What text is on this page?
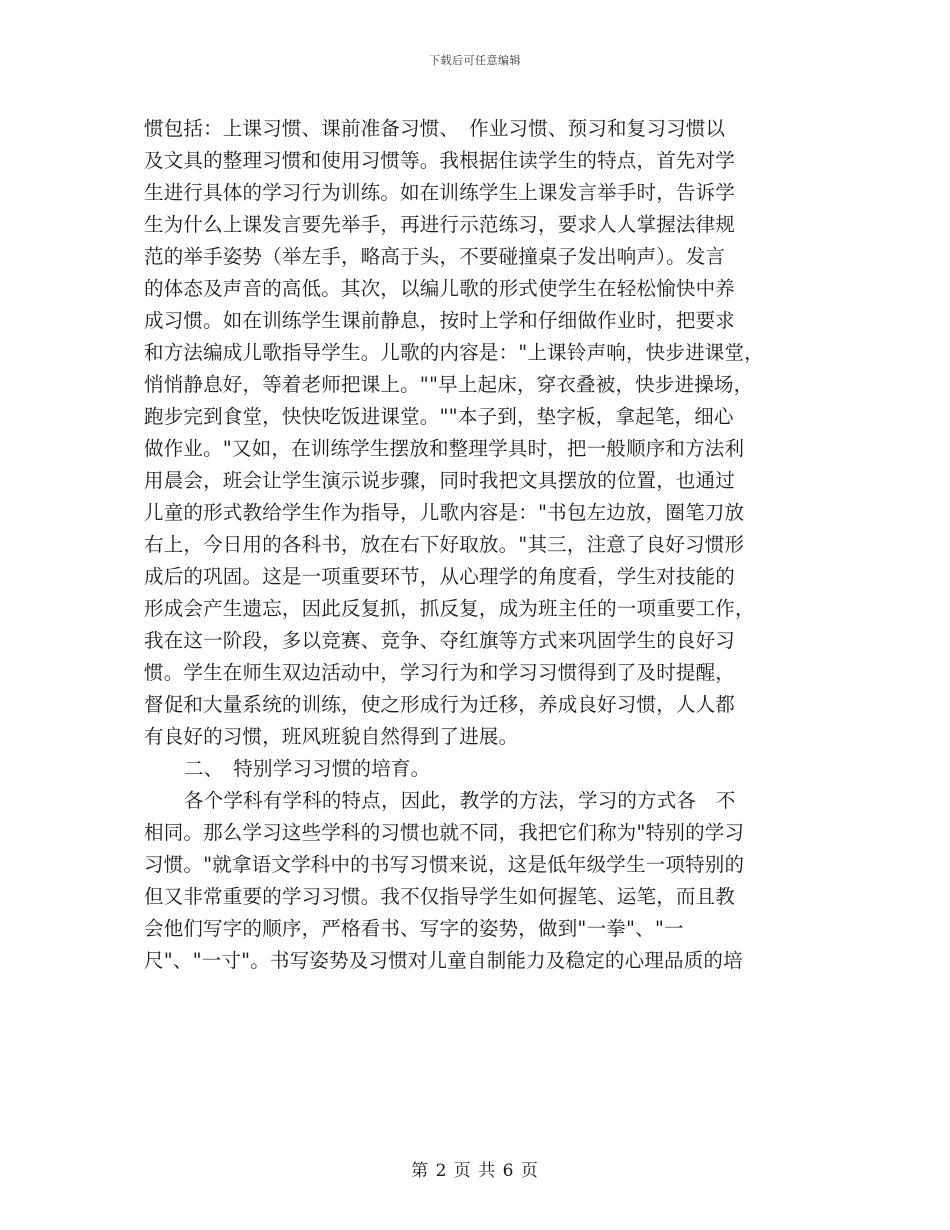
下载后可任意编辑
惯包括：上课习惯、课前准备习惯、　作业习惯、预习和复习习惯以
及文具的整理习惯和使用习惯等。我根据住读学生的特点，首先对学
生进行具体的学习行为训练。如在训练学生上课发言举手时，告诉学
生为什么上课发言要先举手，再进行示范练习，要求人人掌握法律规
范的举手姿势（举左手，略高于头，不要碰撞桌子发出响声）。发言
的体态及声音的高低。其次，以编儿歌的形式使学生在轻松愉快中养
成习惯。如在训练学生课前静息，按时上学和仔细做作业时，把要求
和方法编成儿歌指导学生。儿歌的内容是："上课铃声响，快步进课堂，
悄悄静息好，等着老师把课上。""早上起床，穿衣叠被，快步进操场，
跑步完到食堂，快快吃饭进课堂。""本子到，垫字板，拿起笔，细心
做作业。"又如，在训练学生摆放和整理学具时，把一般顺序和方法利
用晨会，班会让学生演示说步骤，同时我把文具摆放的位置，也通过
儿童的形式教给学生作为指导，儿歌内容是："书包左边放，圈笔刀放
右上，今日用的各科书，放在右下好取放。"其三，注意了良好习惯形
成后的巩固。这是一项重要环节，从心理学的角度看，学生对技能的
形成会产生遗忘，因此反复抓，抓反复，成为班主任的一项重要工作，
我在这一阶段，多以竞赛、竞争、夺红旗等方式来巩固学生的良好习
惯。学生在师生双边活动中，学习行为和学习习惯得到了及时提醒，
督促和大量系统的训练，使之形成行为迁移，养成良好习惯，人人都
有良好的习惯，班风班貌自然得到了进展。
二、　特别学习习惯的培育。
各个学科有学科的特点，因此，教学的方法，学习的方式各　不
相同。那么学习这些学科的习惯也就不同，我把它们称为"特别的学习
习惯。"就拿语文学科中的书写习惯来说，这是低年级学生一项特别的
但又非常重要的学习习惯。我不仅指导学生如何握笔、运笔，而且教
会他们写字的顺序，严格看书、写字的姿势，做到"一拳"、"一
尺"、"一寸"。书写姿势及习惯对儿童自制能力及稳定的心理品质的培
第 2 页 共 6 页
